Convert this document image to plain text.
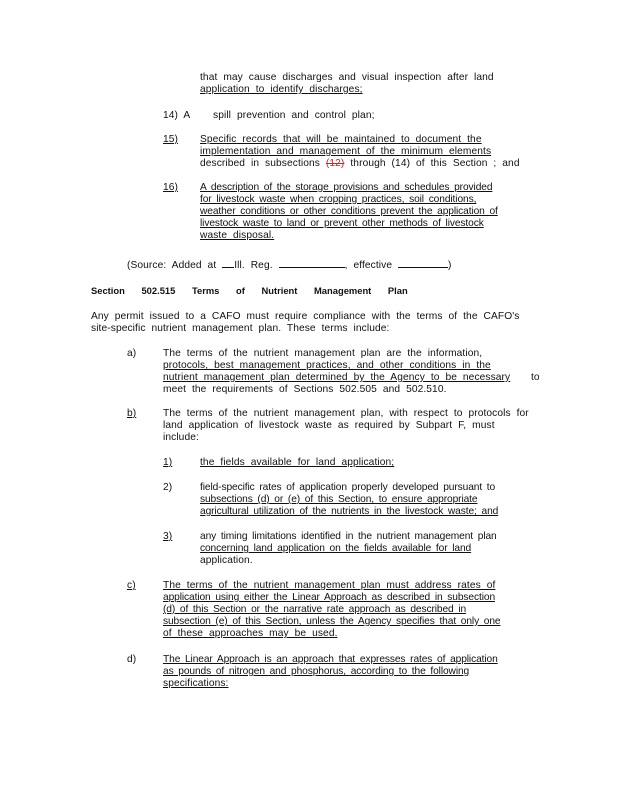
that may cause discharges and visual inspection after land
application to identify discharges;
14) A spill prevention and control plan;
15) Specific records that will be maintained to document the
implementation and management of the minimum elements
described in subsections (12) through (14) of this Section ; and
16) A description of the storage provisions and schedules provided
for livestock waste when cropping practices, soil conditions,
weather conditions or other conditions prevent the application of
livestock waste to land or prevent other methods of livestock
waste disposal.
(Source: Added at Ill. Reg.	, effective	)
Section 502.515 Terms of Nutrient Management Plan
Any permit issued to a CAFO must require compliance with the terms of the CAFO's
site-specific nutrient management plan. These terms include:
a)	The terms of the nutrient management plan are the information,
protocols, best management practices, and other conditions in the
nutrient management plan determined by the Agency to be necessary to
meet the requirements of Sections 502.505 and 502.510.
b)	The terms of the nutrient management plan, with respect to protocols for
land application of livestock waste as required by Subpart F, must
include:
1)	the fields available for land application;
2)	field-specific rates of application properly developed pursuant to
subsections (d) or (e) of this Section, to ensure appropriate
agricultural utilization of the nutrients in the livestock waste; and
3)	any timing limitations identified in the nutrient management plan
concerning land application on the fields available for land
application.
c)	The terms of the nutrient management plan must address rates of
application using either the Linear Approach as described in subsection
(d) of this Section or the narrative rate approach as described in
subsection (e) of this Section, unless the Agency specifies that only one
of these approaches may be used.
d)	The Linear Approach is an approach that expresses rates of application
as pounds of nitrogen and phosphorus, according to the following
specifications:
